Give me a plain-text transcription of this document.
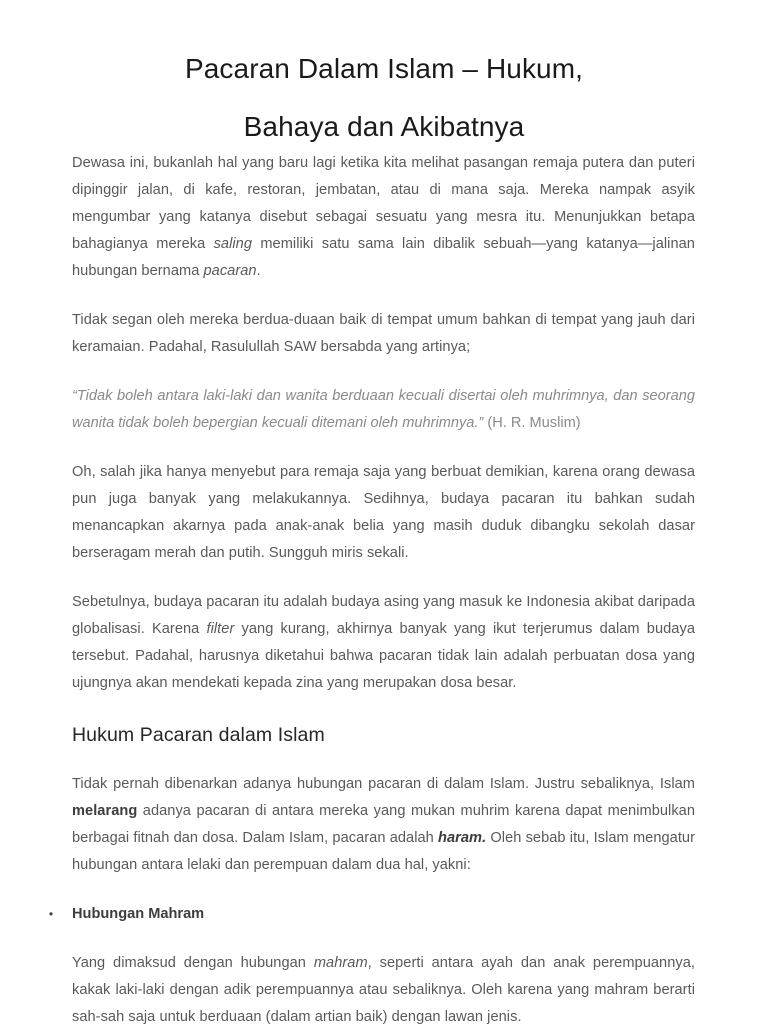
Pacaran Dalam Islam – Hukum,
Bahaya dan Akibatnya

Dewasa ini, bukanlah hal yang baru lagi ketika kita melihat pasangan remaja putera dan puteri dipinggir jalan, di kafe, restoran, jembatan, atau di mana saja. Mereka nampak asyik mengumbar yang katanya disebut sebagai sesuatu yang mesra itu. Menunjukkan betapa bahagianya mereka saling memiliki satu sama lain dibalik sebuah—yang katanya—jalinan hubungan bernama pacaran.

Tidak segan oleh mereka berdua-duaan baik di tempat umum bahkan di tempat yang jauh dari keramaian. Padahal, Rasulullah SAW bersabda yang artinya;

“Tidak boleh antara laki-laki dan wanita berduaan kecuali disertai oleh muhrimnya, dan seorang wanita tidak boleh bepergian kecuali ditemani oleh muhrimnya.” (H. R. Muslim)

Oh, salah jika hanya menyebut para remaja saja yang berbuat demikian, karena orang dewasa pun juga banyak yang melakukannya. Sedihnya, budaya pacaran itu bahkan sudah menancapkan akarnya pada anak-anak belia yang masih duduk dibangku sekolah dasar berseragam merah dan putih. Sungguh miris sekali.

Sebetulnya, budaya pacaran itu adalah budaya asing yang masuk ke Indonesia akibat daripada globalisasi. Karena filter yang kurang, akhirnya banyak yang ikut terjerumus dalam budaya tersebut. Padahal, harusnya diketahui bahwa pacaran tidak lain adalah perbuatan dosa yang ujungnya akan mendekati kepada zina yang merupakan dosa besar.

Hukum Pacaran dalam Islam

Tidak pernah dibenarkan adanya hubungan pacaran di dalam Islam. Justru sebaliknya, Islam melarang adanya pacaran di antara mereka yang mukan muhrim karena dapat menimbulkan berbagai fitnah dan dosa. Dalam Islam, pacaran adalah haram. Oleh sebab itu, Islam mengatur hubungan antara lelaki dan perempuan dalam dua hal, yakni:

• Hubungan Mahram

Yang dimaksud dengan hubungan mahram, seperti antara ayah dan anak perempuannya, kakak laki-laki dengan adik perempuannya atau sebaliknya. Oleh karena yang mahram berarti sah-sah saja untuk berduaan (dalam artian baik) dengan lawan jenis.
